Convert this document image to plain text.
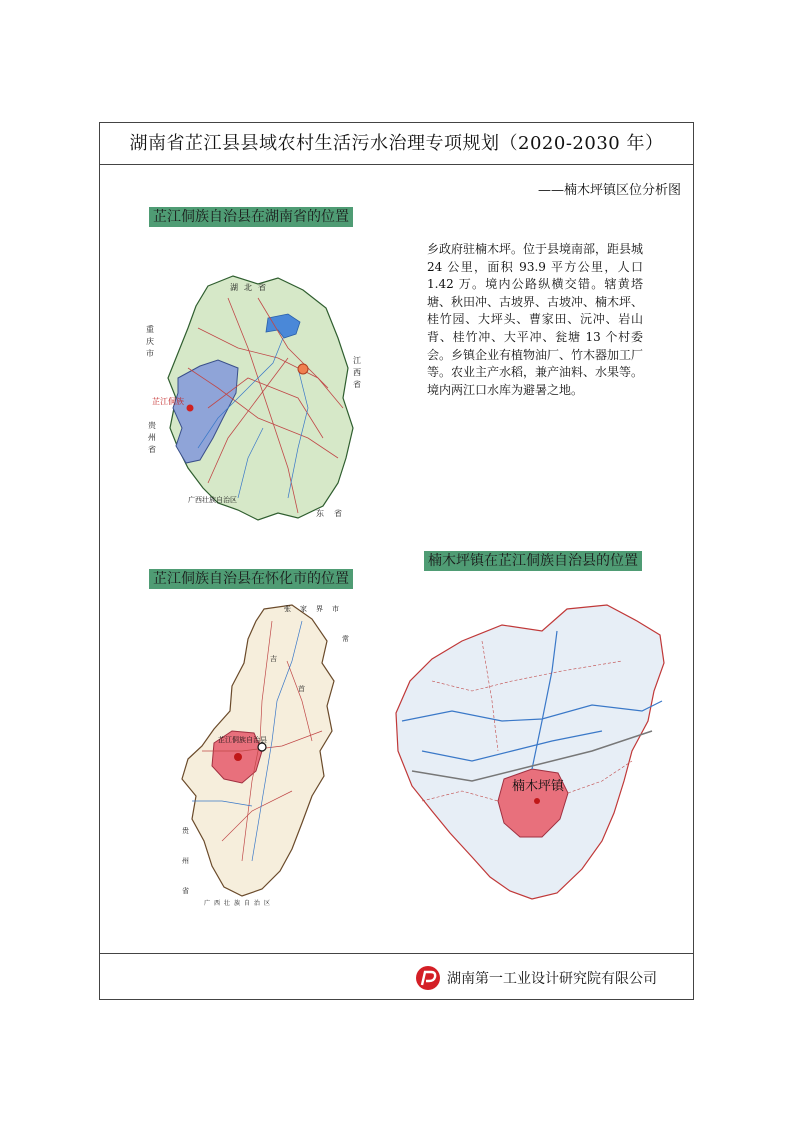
湖南省芷江县县域农村生活污水治理专项规划（2020-2030 年）
——楠木坪镇区位分析图
芷江侗族自治县在湖南省的位置
湖 北 省
重
庆
市
江
西
省
贵
州
省
广西壮族自治区
东 省
芷江侗族
乡政府驻楠木坪。位于县境南部，距县城 24 公里，面积 93.9 平方公里，人口 1.42 万。境内公路纵横交错。辖黄塔塘、秋田冲、古坡界、古坡冲、楠木坪、桂竹园、大坪头、曹家田、沅冲、岩山背、桂竹冲、大平冲、瓮塘 13 个村委会。乡镇企业有植物油厂、竹木器加工厂等。农业主产水稻，兼产油料、水果等。境内两江口水库为避暑之地。
楠木坪镇在芷江侗族自治县的位置
芷江侗族自治县在怀化市的位置
张 家 界 市
常
吉
首
贵
州
省
广 西 壮 族 自 治 区
芷江侗族自治县
楠木坪镇
湖南第一工业设计研究院有限公司
